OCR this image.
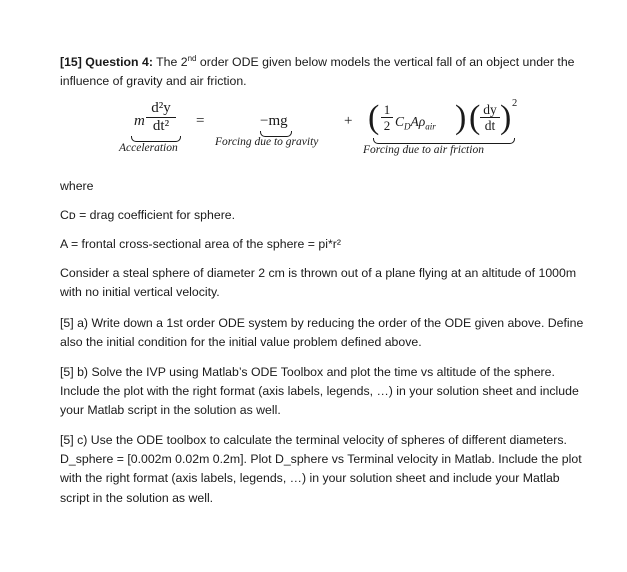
[15] Question 4: The 2nd order ODE given below models the vertical fall of an object under the
influence of gravity and air friction.
m
d²y
dt²
Acceleration
=	−mg
Forcing due to gravity
+ ( 1
2 $C_DA\rho_{air}$ ) ( dy
dt ) 2
Forcing due to air friction
where
Cᴅ = drag coefficient for sphere.
A = frontal cross-sectional area of the sphere = pi*r²
Consider a steal sphere of diameter 2 cm is thrown out of a plane flying at an altitude of 1000m
with no initial vertical velocity.
[5] a) Write down a 1st order ODE system by reducing the order of the ODE given above. Define
also the initial condition for the initial value problem defined above.
[5] b) Solve the IVP using Matlab’s ODE Toolbox and plot the time vs altitude of the sphere.
Include the plot with the right format (axis labels, legends, …) in your solution sheet and include
your Matlab script in the solution as well.
[5] c) Use the ODE toolbox to calculate the terminal velocity of spheres of different diameters.
D_sphere = [0.002m 0.02m 0.2m]. Plot D_sphere vs Terminal velocity in Matlab. Include the plot
with the right format (axis labels, legends, …) in your solution sheet and include your Matlab
script in the solution as well.
